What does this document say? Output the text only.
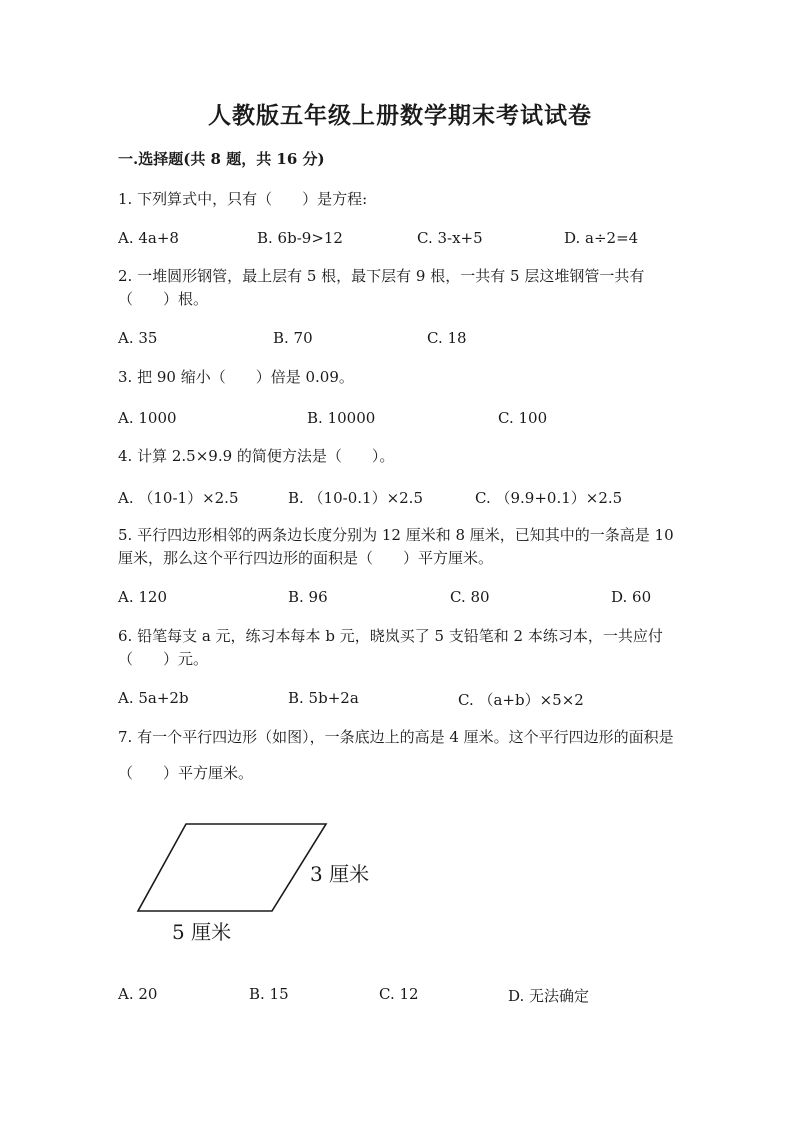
人教版五年级上册数学期末考试试卷
一.选择题(共 8 题，共 16 分)
1. 下列算式中，只有（　　）是方程:
A. 4a+8	B. 6b-9>12	C. 3-x+5	D. a÷2=4
2. 一堆圆形钢管，最上层有 5 根，最下层有 9 根，一共有 5 层这堆钢管一共有（　　）根。
A. 35	B. 70	C. 18
3. 把 90 缩小（　　）倍是 0.09。
A. 1000	B. 10000	C. 100
4. 计算 2.5×9.9 的简便方法是（　　）。
A. （10-1）×2.5	B. （10-0.1）×2.5	C. （9.9+0.1）×2.5
5. 平行四边形相邻的两条边长度分别为 12 厘米和 8 厘米，已知其中的一条高是 10 厘米，那么这个平行四边形的面积是（　　）平方厘米。
A. 120	B. 96	C. 80	D. 60
6. 铅笔每支 a 元，练习本每本 b 元，晓岚买了 5 支铅笔和 2 本练习本，一共应付（　　）元。
A. 5a+2b	B. 5b+2a	C. （a+b）×5×2
7. 有一个平行四边形（如图），一条底边上的高是 4 厘米。这个平行四边形的面积是（　　）平方厘米。
3 厘米
5 厘米
A. 20	B. 15	C. 12	D. 无法确定
